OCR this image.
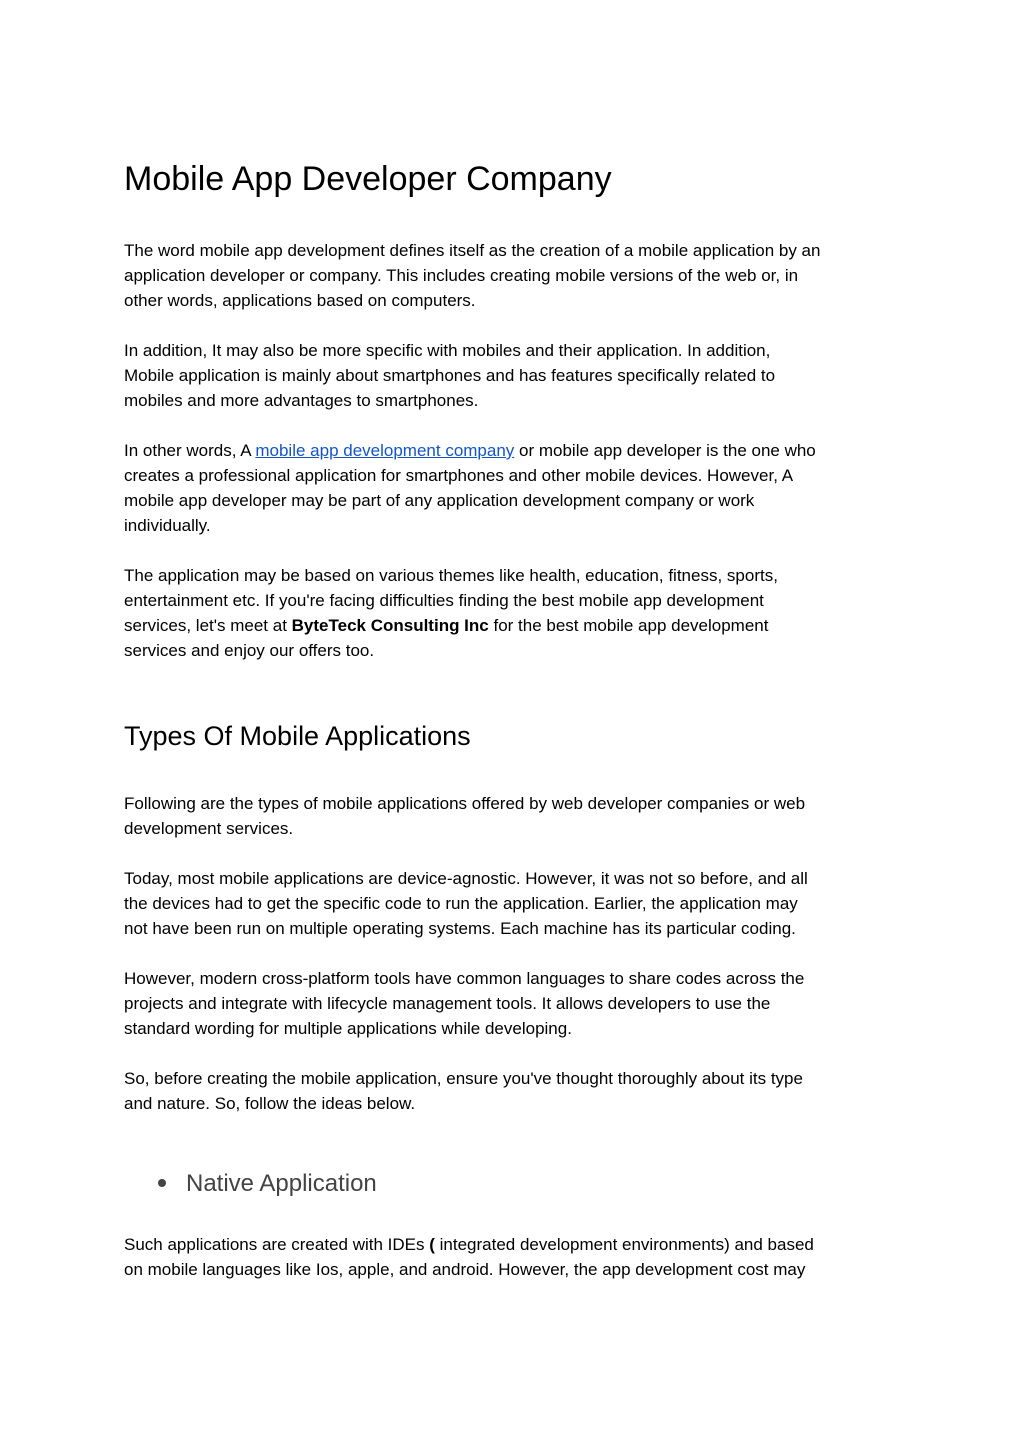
Mobile App Developer Company

The word mobile app development defines itself as the creation of a mobile application by an
application developer or company. This includes creating mobile versions of the web or, in
other words, applications based on computers.

In addition, It may also be more specific with mobiles and their application. In addition,
Mobile application is mainly about smartphones and has features specifically related to
mobiles and more advantages to smartphones.

In other words, A mobile app development company or mobile app developer is the one who
creates a professional application for smartphones and other mobile devices. However, A
mobile app developer may be part of any application development company or work
individually.

The application may be based on various themes like health, education, fitness, sports,
entertainment etc. If you're facing difficulties finding the best mobile app development
services, let's meet at ByteTeck Consulting Inc for the best mobile app development
services and enjoy our offers too.

Types Of Mobile Applications

Following are the types of mobile applications offered by web developer companies or web
development services.

Today, most mobile applications are device-agnostic. However, it was not so before, and all
the devices had to get the specific code to run the application. Earlier, the application may
not have been run on multiple operating systems. Each machine has its particular coding.

However, modern cross-platform tools have common languages to share codes across the
projects and integrate with lifecycle management tools. It allows developers to use the
standard wording for multiple applications while developing.

So, before creating the mobile application, ensure you've thought thoroughly about its type
and nature. So, follow the ideas below.

Native Application

Such applications are created with IDEs ( integrated development environments) and based
on mobile languages like Ios, apple, and android. However, the app development cost may
